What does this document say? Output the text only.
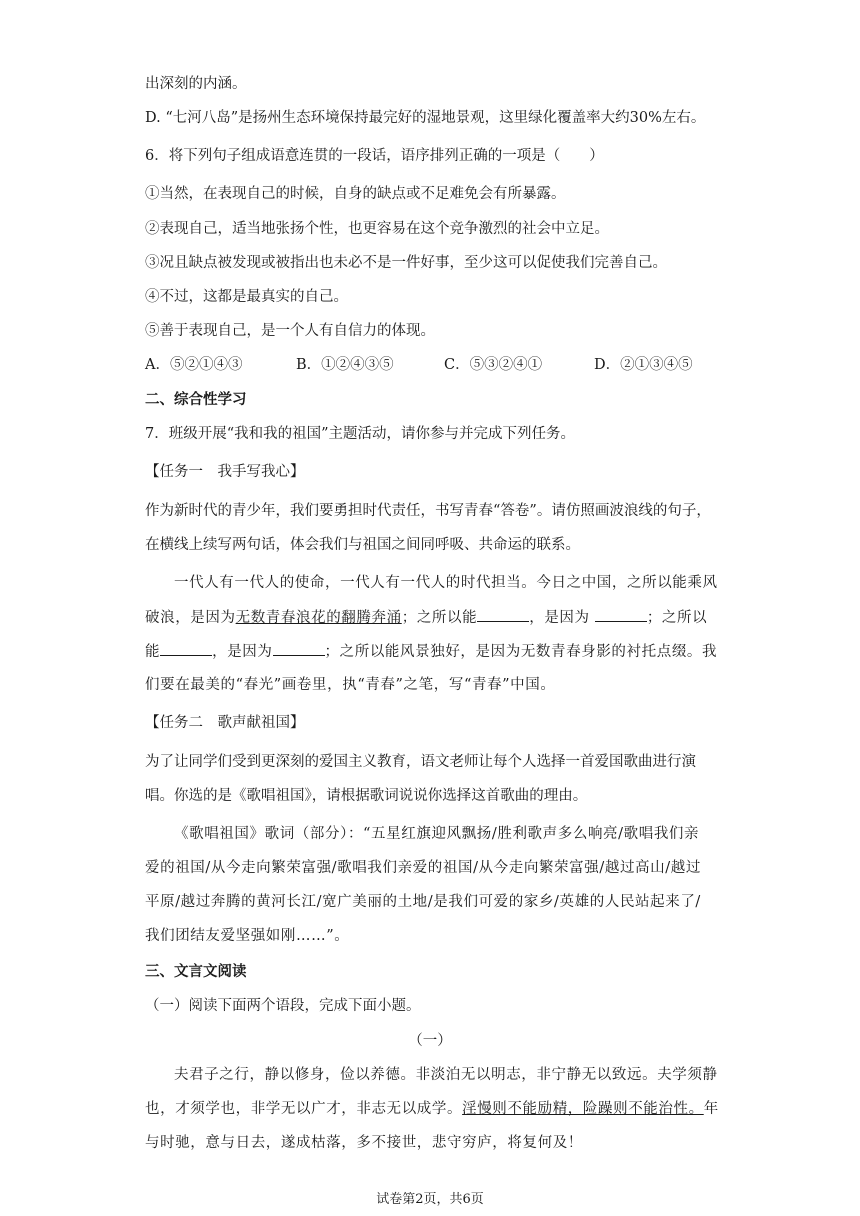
出深刻的内涵。
D. “七河八岛”是扬州生态环境保持最完好的湿地景观，这里绿化覆盖率大约30%左右。
6．将下列句子组成语意连贯的一段话，语序排列正确的一项是（　　）
①当然，在表现自己的时候，自身的缺点或不足难免会有所暴露。
②表现自己，适当地张扬个性，也更容易在这个竞争激烈的社会中立足。
③况且缺点被发现或被指出也未必不是一件好事，至少这可以促使我们完善自己。
④不过，这都是最真实的自己。
⑤善于表现自己，是一个人有自信力的体现。
A．⑤②①④③	B．①②④③⑤	C．⑤③②④①	D．②①③④⑤
二、综合性学习
7．班级开展“我和我的祖国”主题活动，请你参与并完成下列任务。
【任务一　我手写我心】
作为新时代的青少年，我们要勇担时代责任，书写青春“答卷”。请仿照画波浪线的句子，
在横线上续写两句话，体会我们与祖国之间同呼吸、共命运的联系。
一代人有一代人的使命，一代人有一代人的时代担当。今日之中国，之所以能乘风
破浪，是因为无数青春浪花的翻腾奔涌；之所以能	，是因为	；之所以
能	，是因为	；之所以能风景独好，是因为无数青春身影的衬托点缀。我
们要在最美的“春光”画卷里，执“青春”之笔，写“青春”中国。
【任务二　歌声献祖国】
为了让同学们受到更深刻的爱国主义教育，语文老师让每个人选择一首爱国歌曲进行演
唱。你选的是《歌唱祖国》，请根据歌词说说你选择这首歌曲的理由。
《歌唱祖国》歌词（部分）：“五星红旗迎风飘扬/胜利歌声多么响亮/歌唱我们亲
爱的祖国/从今走向繁荣富强/歌唱我们亲爱的祖国/从今走向繁荣富强/越过高山/越过
平原/越过奔腾的黄河长江/宽广美丽的土地/是我们可爱的家乡/英雄的人民站起来了/
我们团结友爱坚强如刚……”。
三、文言文阅读
（一）阅读下面两个语段，完成下面小题。
（一）
夫君子之行，静以修身，俭以养德。非淡泊无以明志，非宁静无以致远。夫学须静
也，才须学也，非学无以广才，非志无以成学。淫慢则不能励精，险躁则不能治性。年
与时驰，意与日去，遂成枯落，多不接世，悲守穷庐，将复何及！
试卷第2页，共6页
